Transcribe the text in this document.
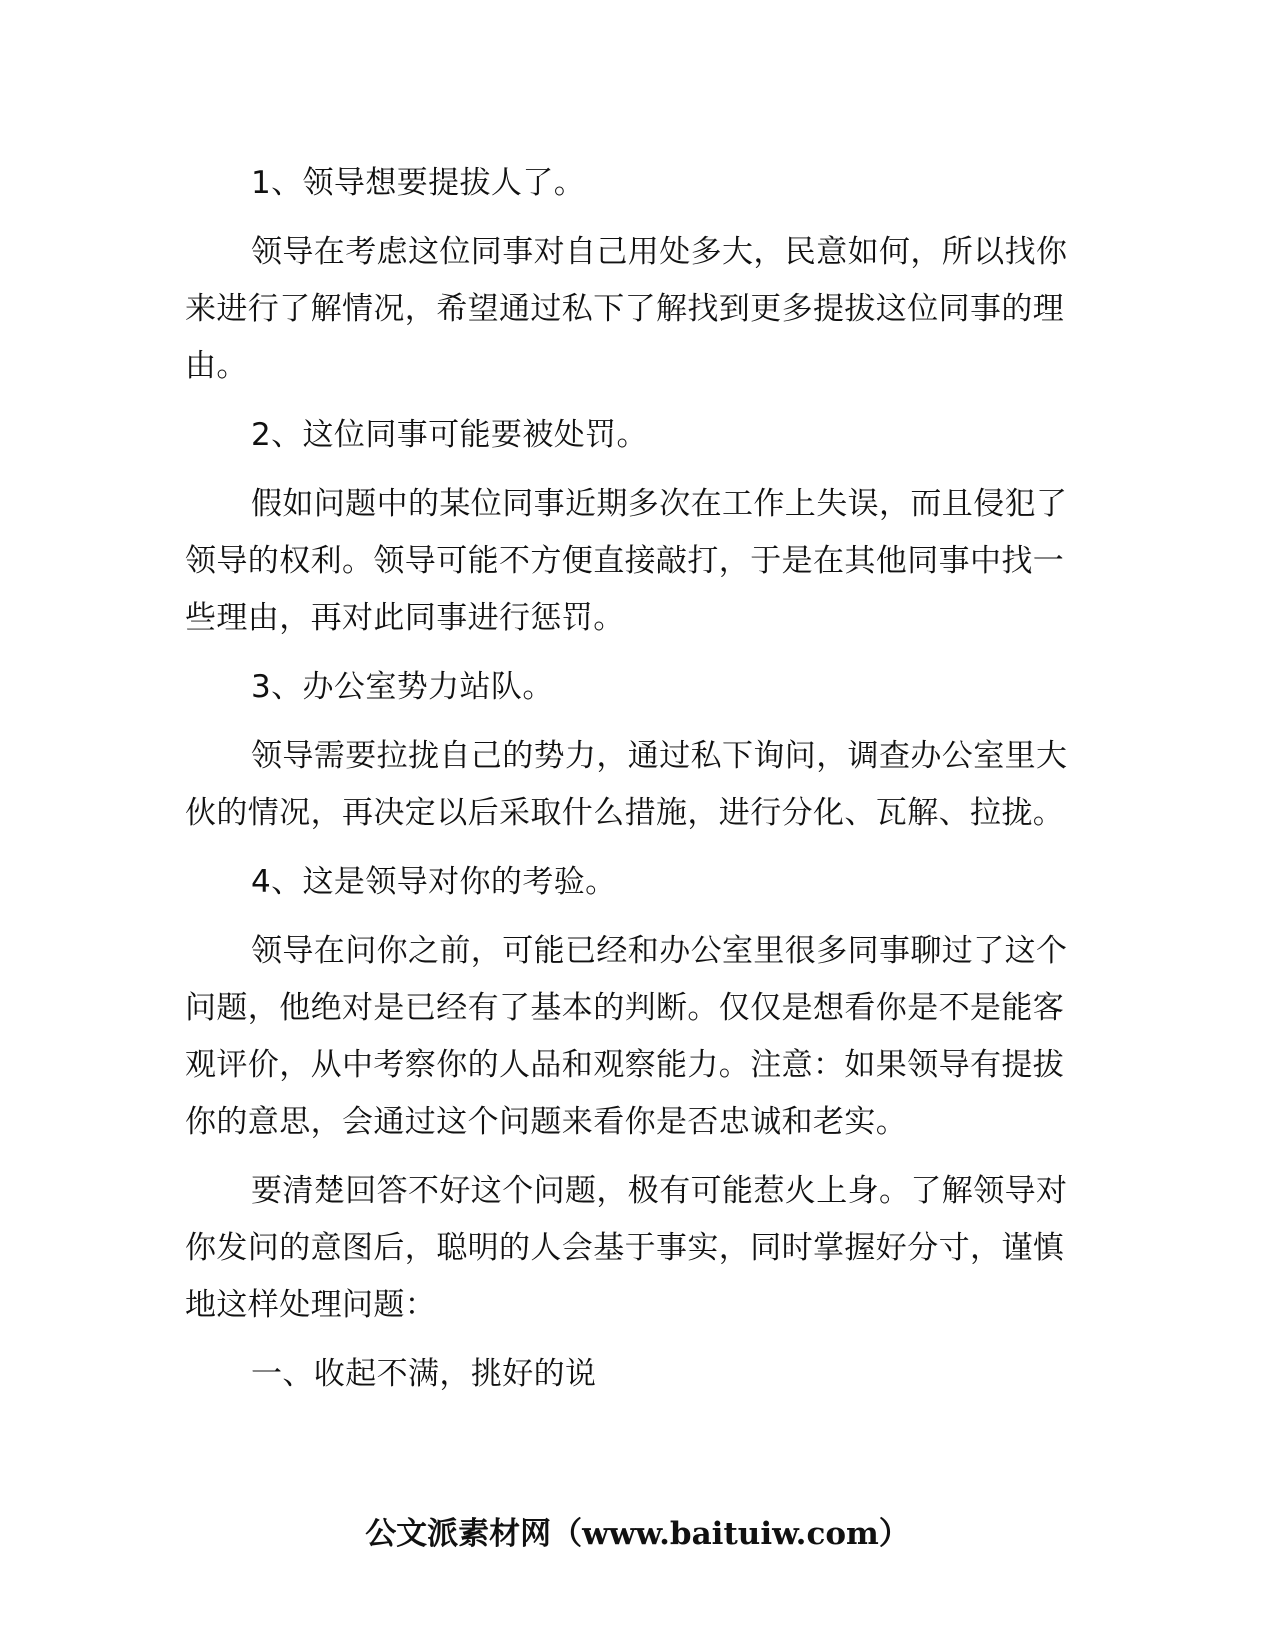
1、领导想要提拔人了。

领导在考虑这位同事对自己用处多大，民意如何，所以找你来进行了解情况，希望通过私下了解找到更多提拔这位同事的理由。

2、这位同事可能要被处罚。

假如问题中的某位同事近期多次在工作上失误，而且侵犯了领导的权利。领导可能不方便直接敲打，于是在其他同事中找一些理由，再对此同事进行惩罚。

3、办公室势力站队。

领导需要拉拢自己的势力，通过私下询问，调查办公室里大伙的情况，再决定以后采取什么措施，进行分化、瓦解、拉拢。

4、这是领导对你的考验。

领导在问你之前，可能已经和办公室里很多同事聊过了这个问题，他绝对是已经有了基本的判断。仅仅是想看你是不是能客观评价，从中考察你的人品和观察能力。注意：如果领导有提拔你的意思，会通过这个问题来看你是否忠诚和老实。

要清楚回答不好这个问题，极有可能惹火上身。了解领导对你发问的意图后，聪明的人会基于事实，同时掌握好分寸，谨慎地这样处理问题：

一、收起不满，挑好的说

公文派素材网（www.baituiw.com）
